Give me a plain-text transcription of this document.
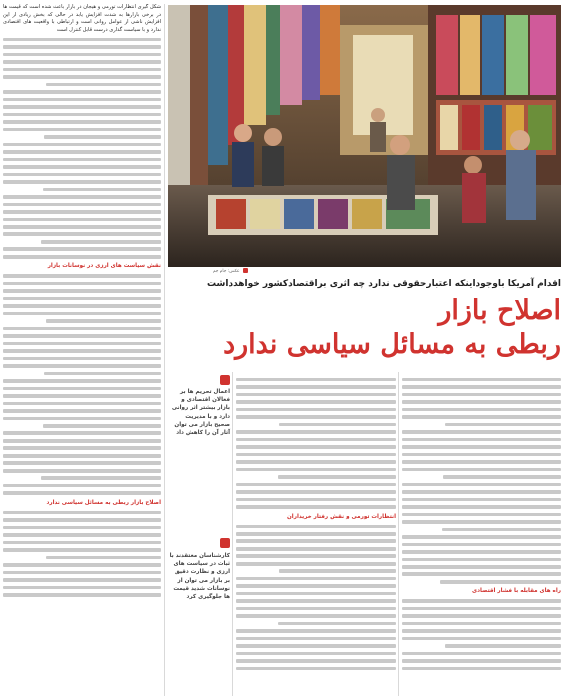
شکل گیری انتظارات تورمی و هیجان در بازار باعث شده است که قیمت ها در برخی بازارها به شدت افزایش یابد در حالی که بخش زیادی از این افزایش ناشی از عوامل روانی است و ارتباطی با واقعیت های اقتصادی ندارد و با سیاست گذاری درست قابل کنترل است

نقش سیاست های ارزی در نوسانات بازار
اصلاح بازار ربطی به مسائل سیاسی ندارد
عکس: جام جم
اقدام آمریکا باوجوداینکه اعتبارحقوقی ندارد چه اثری براقتصادکشور خواهدداشت
اصلاح بازار
ربطی به مسائل سیاسی ندارد
اعمال تحریم ها بر فعالان اقتصادی و بازار بیشتر اثر روانی دارد و با مدیریت صحیح بازار می توان آثار آن را کاهش داد
کارشناسان معتقدند با ثبات در سیاست های ارزی و نظارت دقیق بر بازار می توان از نوسانات شدید قیمت ها جلوگیری کرد
انتظارات تورمی و نقش رفتار خریداران
راه های مقابله با فشار اقتصادی
